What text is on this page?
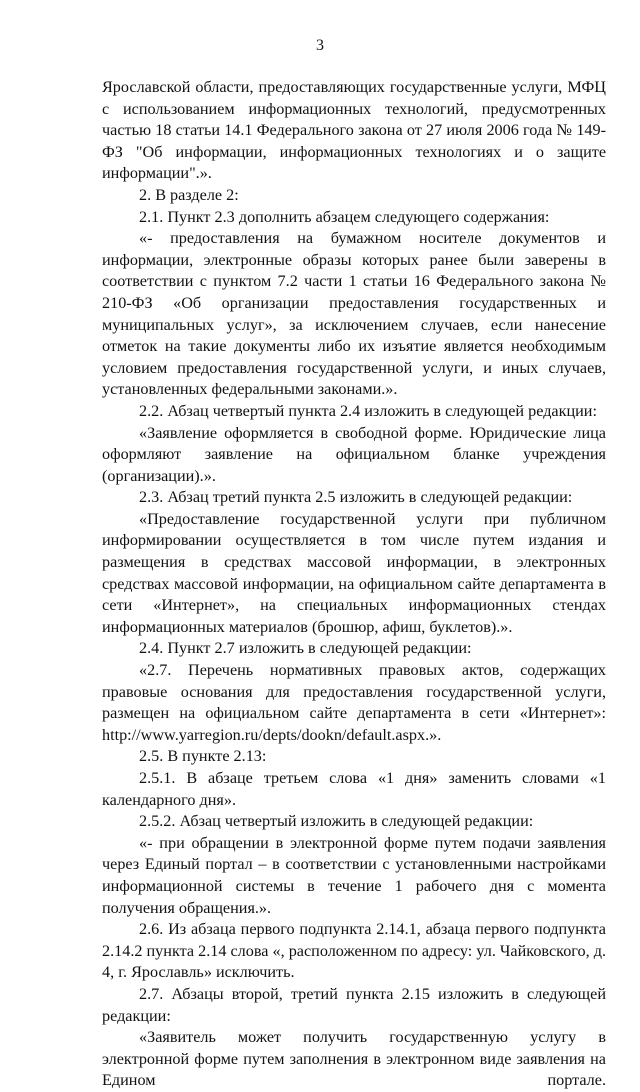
3

Ярославской области, предоставляющих государственные услуги, МФЦ с использованием информационных технологий, предусмотренных частью 18 статьи 14.1 Федерального закона от 27 июля 2006 года № 149-ФЗ "Об информации, информационных технологиях и о защите информации".».

2. В разделе 2:

2.1. Пункт 2.3 дополнить абзацем следующего содержания:

«- предоставления на бумажном носителе документов и информации, электронные образы которых ранее были заверены в соответствии с пунктом 7.2 части 1 статьи 16 Федерального закона № 210-ФЗ «Об организации предоставления государственных и муниципальных услуг», за исключением случаев, если нанесение отметок на такие документы либо их изъятие является необходимым условием предоставления государственной услуги, и иных случаев, установленных федеральными законами.».

2.2. Абзац четвертый пункта 2.4 изложить в следующей редакции:

«Заявление оформляется в свободной форме. Юридические лица оформляют заявление на официальном бланке учреждения (организации).».

2.3. Абзац третий пункта 2.5 изложить в следующей редакции:

«Предоставление государственной услуги при публичном информировании осуществляется в том числе путем издания и размещения в средствах массовой информации, в электронных средствах массовой информации, на официальном сайте департамента в сети «Интернет», на специальных информационных стендах информационных материалов (брошюр, афиш, буклетов).».

2.4. Пункт 2.7 изложить в следующей редакции:

«2.7. Перечень нормативных правовых актов, содержащих правовые основания для предоставления государственной услуги, размещен на официальном сайте департамента в сети «Интернет»: http://www.yarregion.ru/depts/dookn/default.aspx.».

2.5. В пункте 2.13:

2.5.1. В абзаце третьем слова «1 дня» заменить словами «1 календарного дня».

2.5.2. Абзац четвертый изложить в следующей редакции:

«- при обращении в электронной форме путем подачи заявления через Единый портал – в соответствии с установленными настройками информационной системы в течение 1 рабочего дня с момента получения обращения.».

2.6. Из абзаца первого подпункта 2.14.1, абзаца первого подпункта 2.14.2 пункта 2.14 слова «, расположенном по адресу: ул. Чайковского, д. 4, г. Ярославль» исключить.

2.7. Абзацы второй, третий пункта 2.15 изложить в следующей редакции:

«Заявитель может получить государственную услугу в электронной форме путем заполнения в электронном виде заявления на Едином портале.
